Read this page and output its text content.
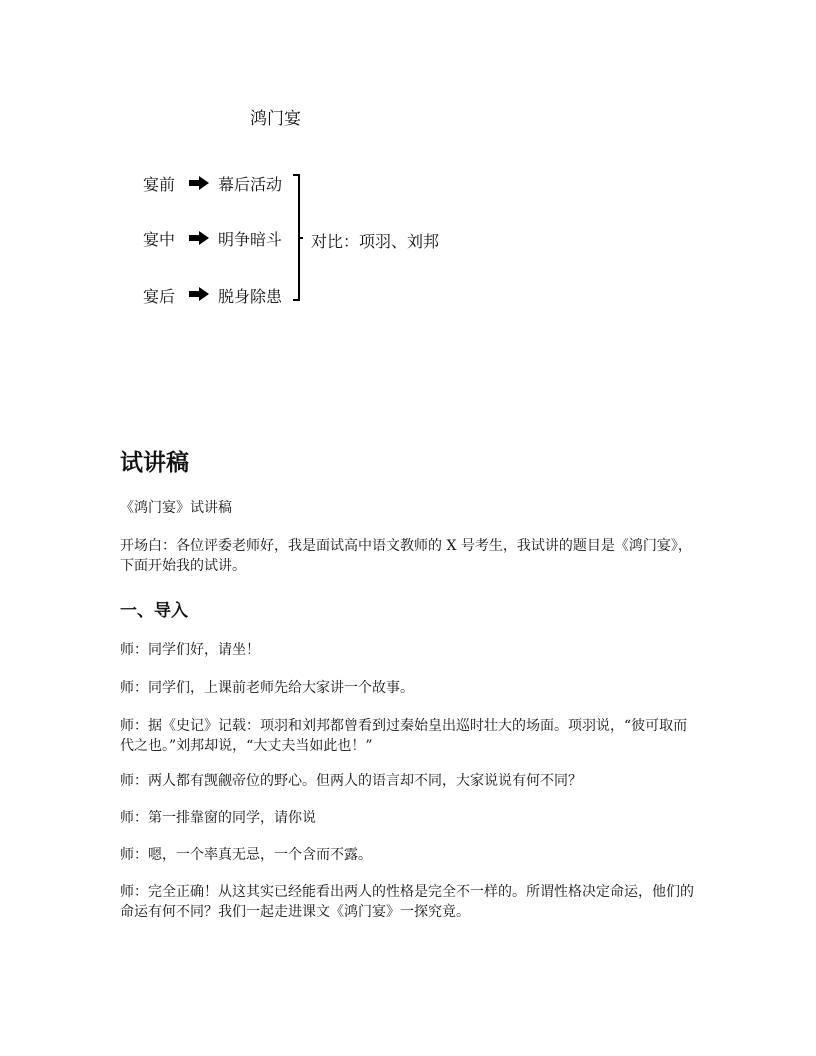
鸿门宴
宴前	幕后活动
宴中	明争暗斗
宴后	脱身除患
对比：项羽、刘邦
试讲稿
《鸿门宴》试讲稿
开场白：各位评委老师好，我是面试高中语文教师的 X 号考生，我试讲的题目是《鸿门宴》，下面开始我的试讲。
一、导入
师：同学们好，请坐！
师：同学们，上课前老师先给大家讲一个故事。
师：据《史记》记载：项羽和刘邦都曾看到过秦始皇出巡时壮大的场面。项羽说，“彼可取而代之也。”刘邦却说，“大丈夫当如此也！”
师：两人都有觊觎帝位的野心。但两人的语言却不同，大家说说有何不同？
师：第一排靠窗的同学，请你说
师：嗯，一个率真无忌，一个含而不露。
师：完全正确！从这其实已经能看出两人的性格是完全不一样的。所谓性格决定命运，他们的命运有何不同？我们一起走进课文《鸿门宴》一探究竟。
